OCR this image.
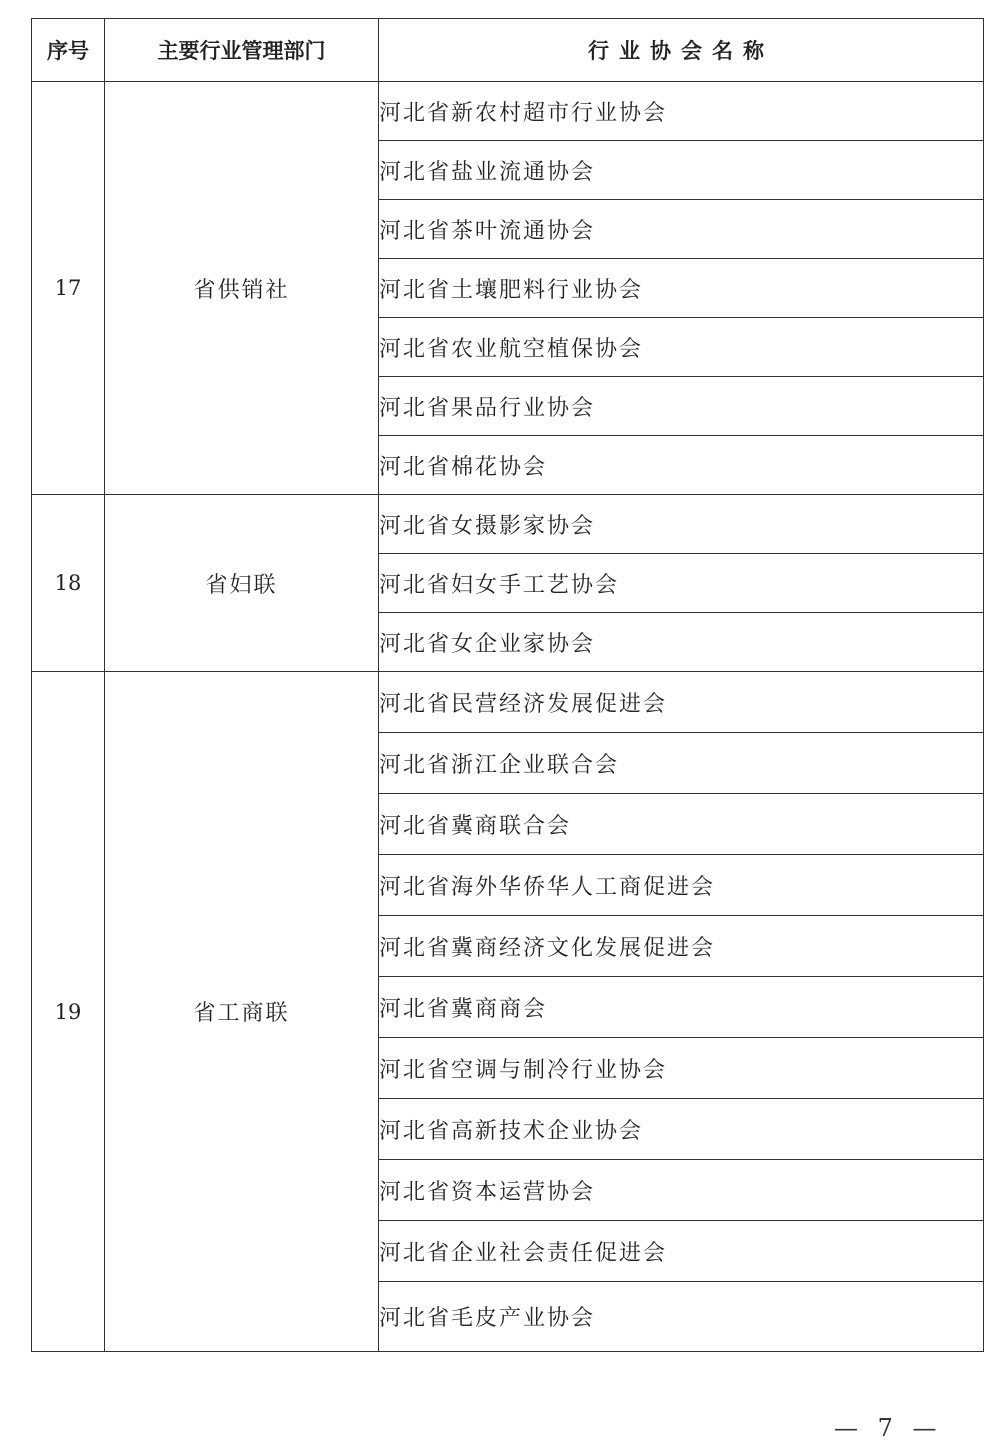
序号	主要行业管理部门	行业协会名称
17	省供销社	河北省新农村超市行业协会
		河北省盐业流通协会
		河北省茶叶流通协会
		河北省土壤肥料行业协会
		河北省农业航空植保协会
		河北省果品行业协会
		河北省棉花协会
18	省妇联	河北省女摄影家协会
		河北省妇女手工艺协会
		河北省女企业家协会
19	省工商联	河北省民营经济发展促进会
		河北省浙江企业联合会
		河北省冀商联合会
		河北省海外华侨华人工商促进会
		河北省冀商经济文化发展促进会
		河北省冀商商会
		河北省空调与制冷行业协会
		河北省高新技术企业协会
		河北省资本运营协会
		河北省企业社会责任促进会
		河北省毛皮产业协会
— 7 —
